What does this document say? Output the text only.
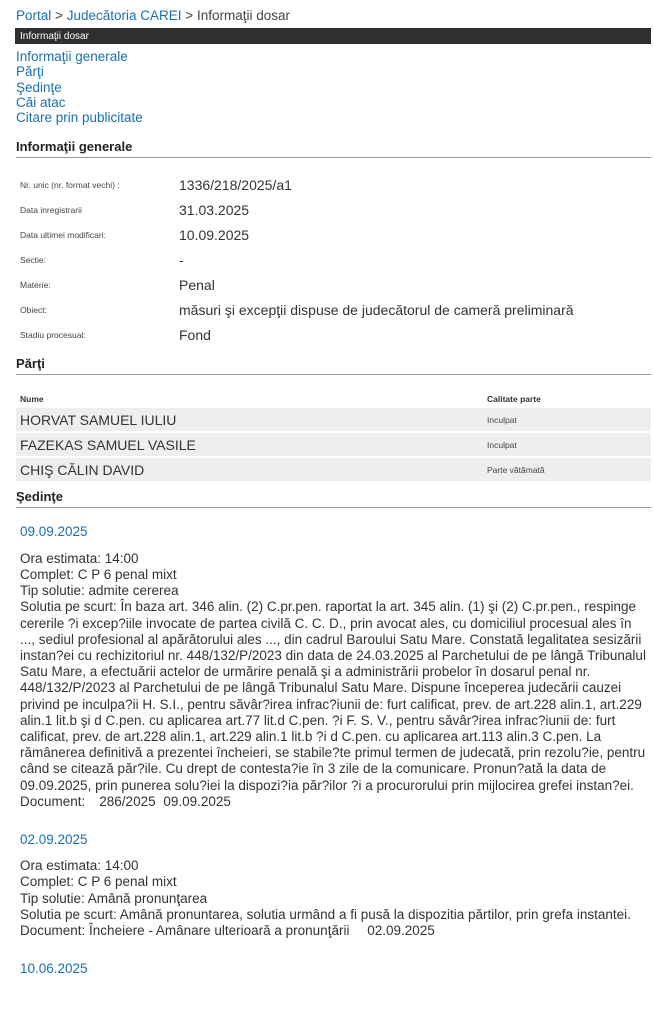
Portal > Judecătoria CAREI > Informaţii dosar
Informaţii dosar
Informaţii generale
Părţi
Şedinţe
Căi atac
Citare prin publicitate
Informaţii generale
Nr. unic (nr. format vechi) :	1336/218/2025/a1
Data inregistrarii	31.03.2025
Data ultimei modificari:	10.09.2025
Sectie:	-
Materie:	Penal
Obiect:	măsuri şi excepţii dispuse de judecătorul de cameră preliminară
Stadiu procesual:	Fond
Părţi
Nume	Calitate parte
HORVAT SAMUEL IULIU	Inculpat
FAZEKAS SAMUEL VASILE	Inculpat
CHIŞ CĂLIN DAVID	Parte vătămată
Şedinţe
09.09.2025
Ora estimata: 14:00
Complet: C P 6 penal mixt
Tip solutie: admite cererea
Solutia pe scurt: În baza art. 346 alin. (2) C.pr.pen. raportat la art. 345 alin. (1) şi (2) C.pr.pen., respinge cererile ?i excep?iile invocate de partea civilă C. C. D., prin avocat ales, cu domiciliul procesual ales în ..., sediul profesional al apărătorului ales ..., din cadrul Baroului Satu Mare. Constată legalitatea sesizării instan?ei cu rechizitoriul nr. 448/132/P/2023 din data de 24.03.2025 al Parchetului de pe lângă Tribunalul Satu Mare, a efectuării actelor de urmărire penală şi a administrării probelor în dosarul penal nr. 448/132/P/2023 al Parchetului de pe lângă Tribunalul Satu Mare. Dispune începerea judecării cauzei privind pe inculpa?ii H. S.I., pentru săvâr?irea infrac?iunii de: furt calificat, prev. de art.228 alin.1, art.229 alin.1 lit.b şi d C.pen. cu aplicarea art.77 lit.d C.pen. ?i F. S. V., pentru săvâr?irea infrac?iunii de: furt calificat, prev. de art.228 alin.1, art.229 alin.1 lit.b ?i d C.pen. cu aplicarea art.113 alin.3 C.pen. La rămânerea definitivă a prezentei încheieri, se stabile?te primul termen de judecată, prin rezolu?ie, pentru când se citează păr?ile. Cu drept de contesta?ie în 3 zile de la comunicare. Pronun?ată la data de 09.09.2025, prin punerea solu?iei la dispozi?ia păr?ilor ?i a procurorului prin mijlocirea grefei instan?ei.
Document: 286/2025 09.09.2025
02.09.2025
Ora estimata: 14:00
Complet: C P 6 penal mixt
Tip solutie: Amână pronunţarea
Solutia pe scurt: Amână pronuntarea, solutia urmând a fi pusă la dispozitia părtilor, prin grefa instantei.
Document: Încheiere - Amânare ulterioară a pronunţării 02.09.2025
10.06.2025
